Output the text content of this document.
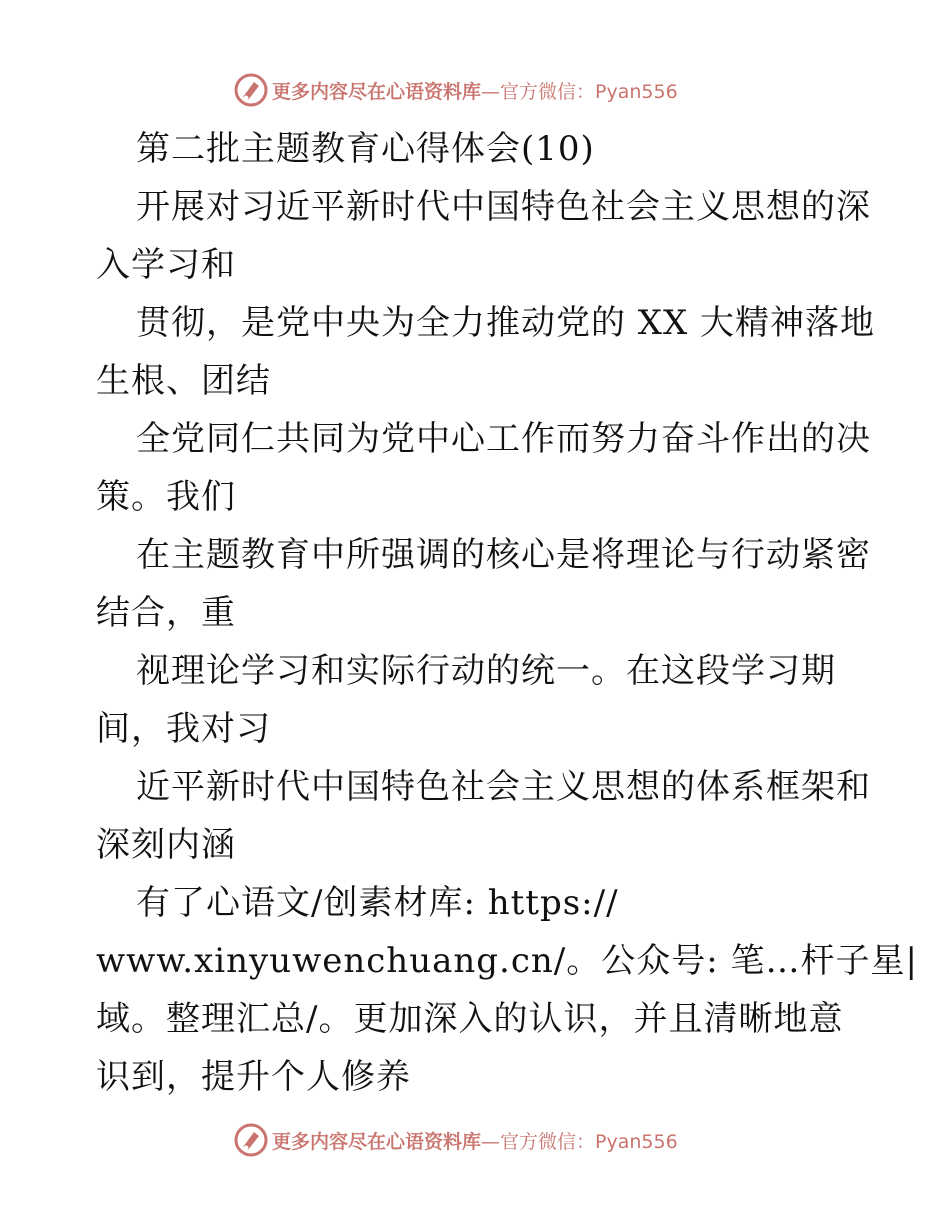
更多内容尽在心语资料库 —官方微信：Pyan556
第二批主题教育心得体会(10)
开展对习近平新时代中国特色社会主义思想的深
入学习和
贯彻，是党中央为全力推动党的 XX 大精神落地
生根、团结
全党同仁共同为党中心工作而努力奋斗作出的决
策。我们
在主题教育中所强调的核心是将理论与行动紧密
结合，重
视理论学习和实际行动的统一。在这段学习期
间，我对习
近平新时代中国特色社会主义思想的体系框架和
深刻内涵
有了心语文/创素材库: https://
www.xinyuwenchuang.cn/。公众号: 笔…杆子星|
域。整理汇总/。更加深入的认识，并且清晰地意
识到，提升个人修养
更多内容尽在心语资料库 —官方微信：Pyan556
